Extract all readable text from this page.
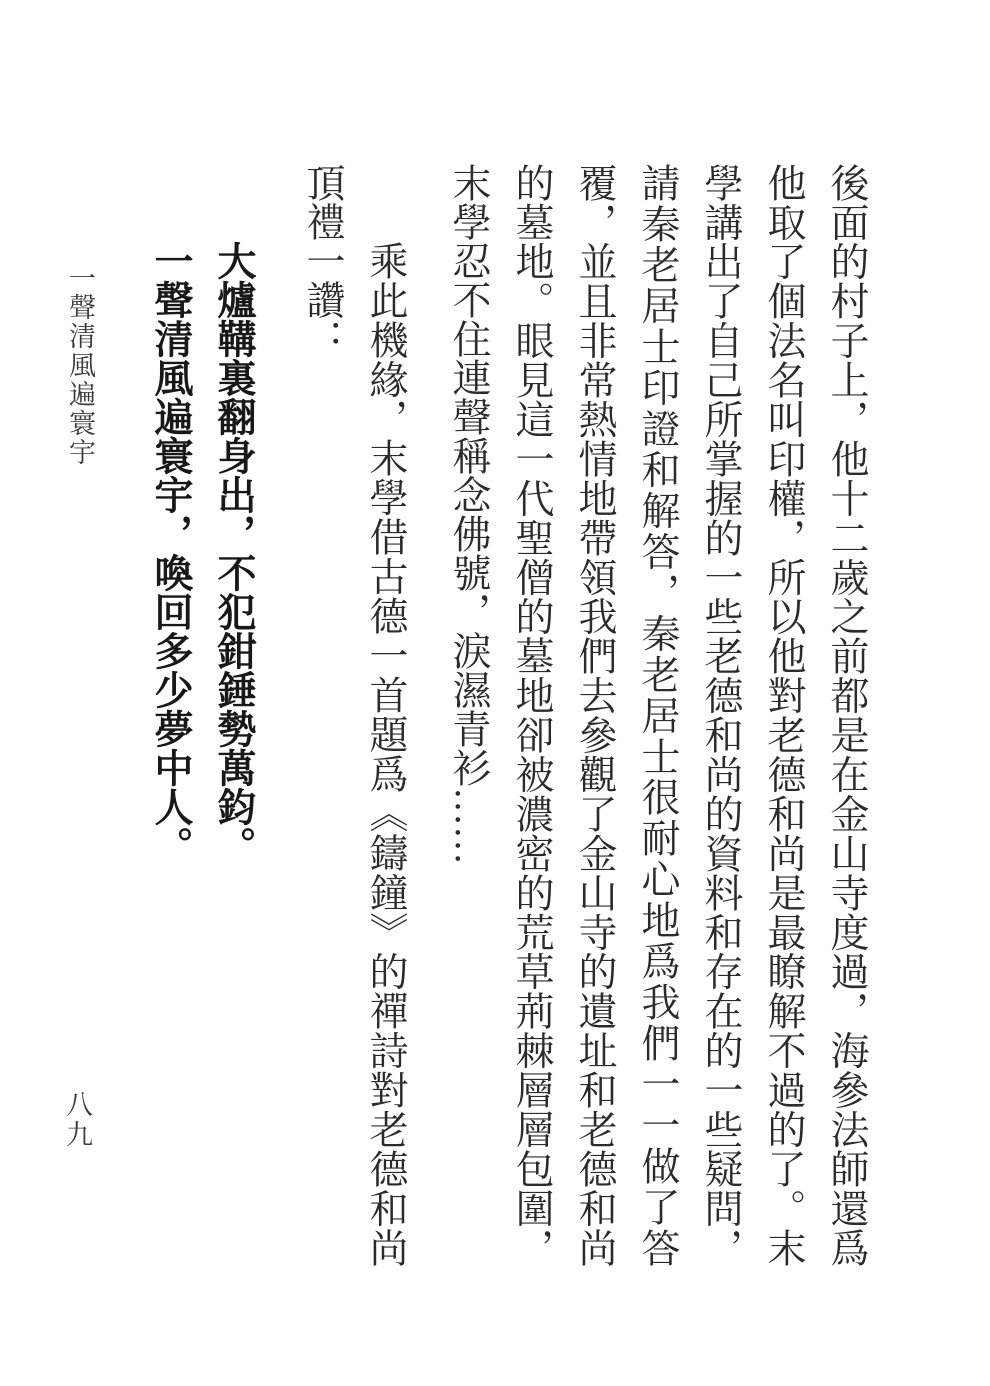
後面的村子上，他十二歲之前都是在金山寺度過，海參法師還爲他取了個法名叫印權，所以他對老德和尚是最瞭解不過的了。末學講出了自己所掌握的一些老德和尚的資料和存在的一些疑問，請秦老居士印證和解答，秦老居士很耐心地爲我們一一做了答覆，並且非常熱情地帶領我們去參觀了金山寺的遺址和老德和尚的墓地。眼見這一代聖僧的墓地卻被濃密的荒草荊棘層層包圍，末學忍不住連聲稱念佛號，淚濕青衫……

乘此機緣，末學借古德一首題爲《鑄鐘》的禪詩對老德和尚頂禮一讚：

大爐鞲裏翻身出，不犯鉗錘勢萬鈞。

一聲清風遍寰宇，喚回多少夢中人。

一聲清風遍寰宇
八九
